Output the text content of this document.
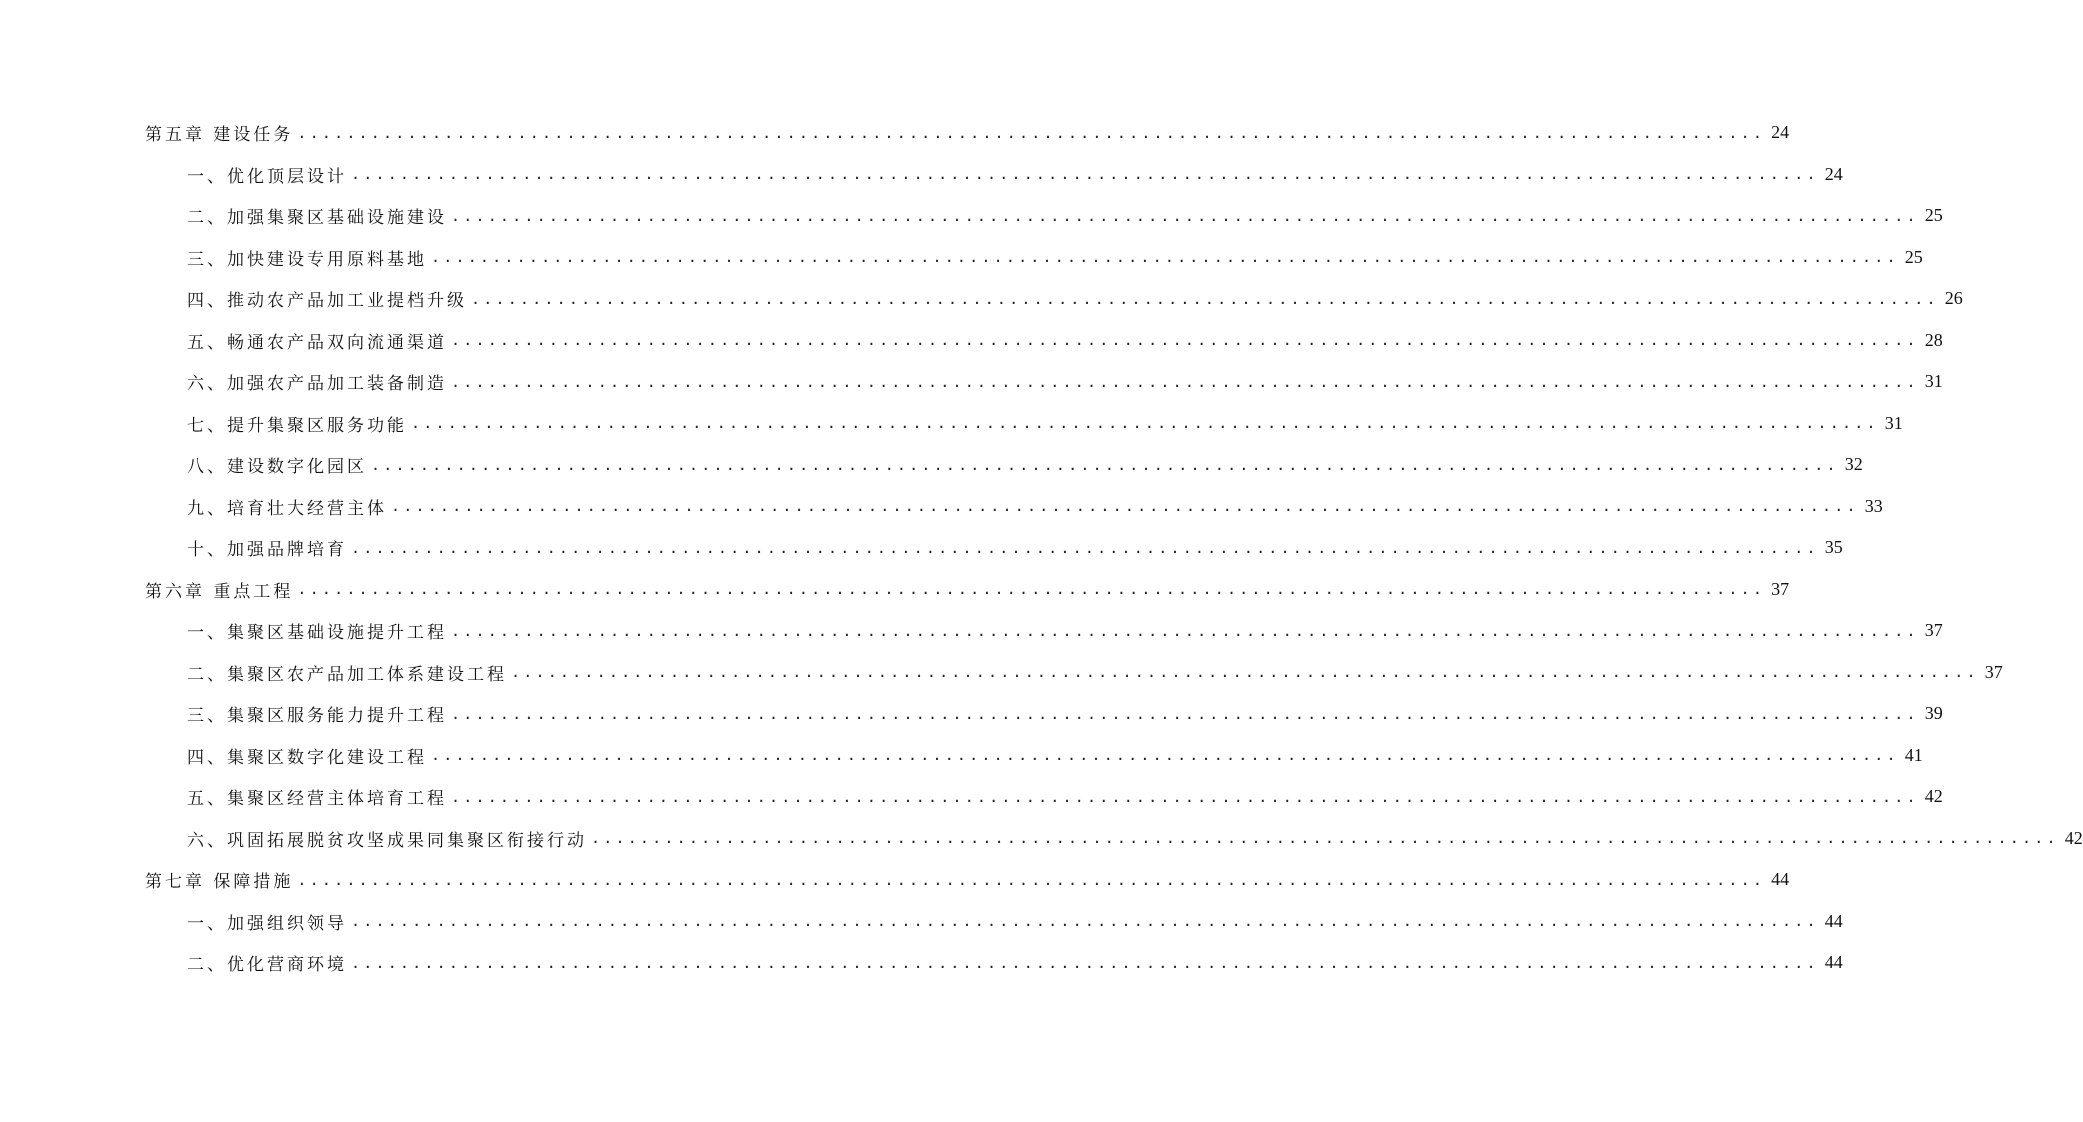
第五章 建设任务 ........................................................................................................................ 24
一、优化顶层设计 ........................................................................................................................ 24
二、加强集聚区基础设施建设 ........................................................................................................................ 25
三、加快建设专用原料基地 ........................................................................................................................ 25
四、推动农产品加工业提档升级 ........................................................................................................................ 26
五、畅通农产品双向流通渠道 ........................................................................................................................ 28
六、加强农产品加工装备制造 ........................................................................................................................ 31
七、提升集聚区服务功能 ........................................................................................................................ 31
八、建设数字化园区 ........................................................................................................................ 32
九、培育壮大经营主体 ........................................................................................................................ 33
十、加强品牌培育 ........................................................................................................................ 35
第六章 重点工程 ........................................................................................................................ 37
一、集聚区基础设施提升工程 ........................................................................................................................ 37
二、集聚区农产品加工体系建设工程 ........................................................................................................................ 37
三、集聚区服务能力提升工程 ........................................................................................................................ 39
四、集聚区数字化建设工程 ........................................................................................................................ 41
五、集聚区经营主体培育工程 ........................................................................................................................ 42
六、巩固拓展脱贫攻坚成果同集聚区衔接行动 ........................................................................................................................ 42
第七章 保障措施 ........................................................................................................................ 44
一、加强组织领导 ........................................................................................................................ 44
二、优化营商环境 ........................................................................................................................ 44
